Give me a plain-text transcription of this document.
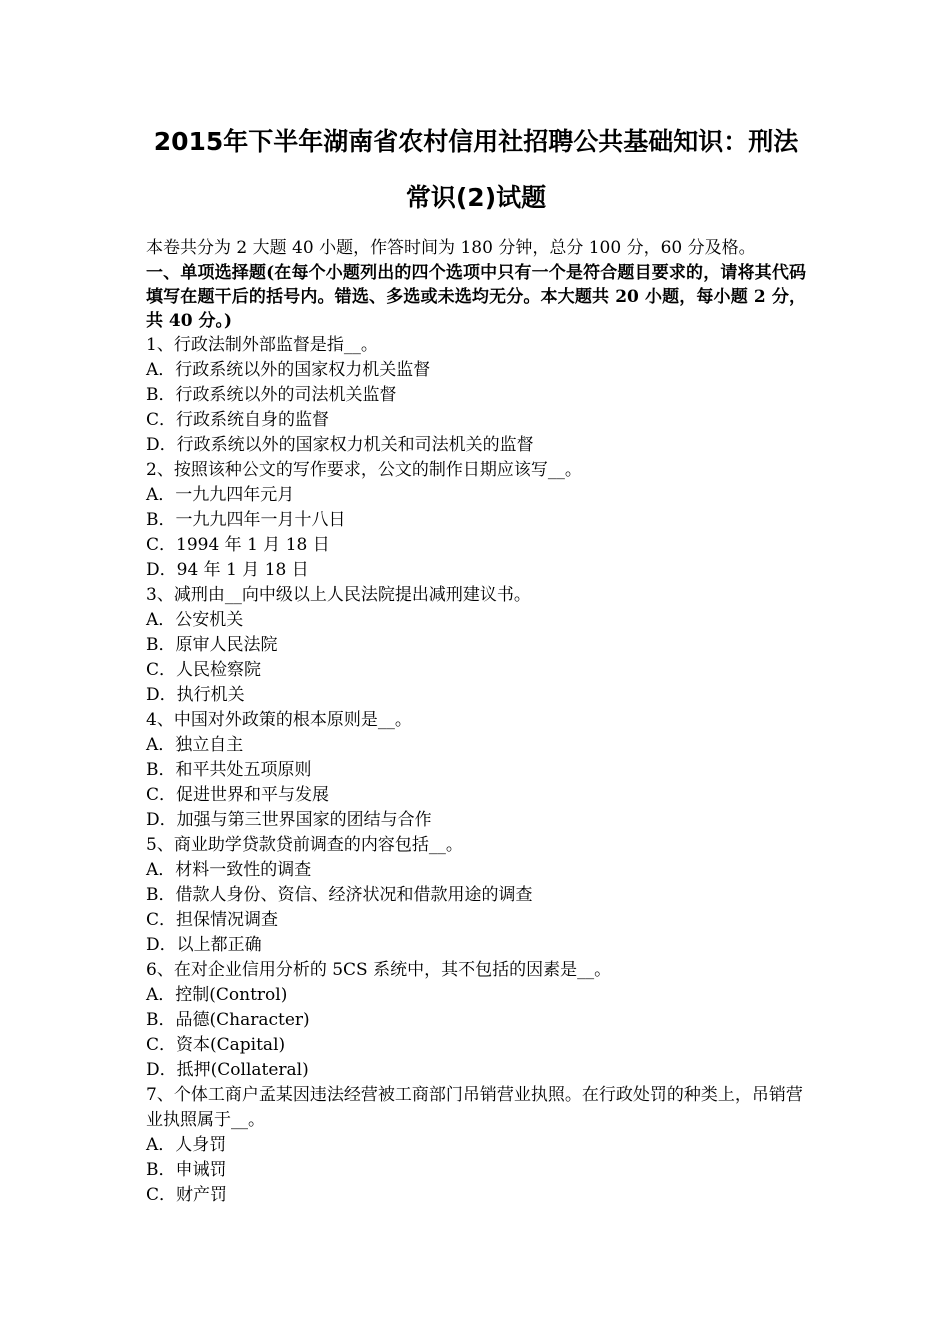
2015年下半年湖南省农村信用社招聘公共基础知识：刑法
常识(2)试题
本卷共分为 2 大题 40 小题，作答时间为 180 分钟，总分 100 分，60 分及格。
一、单项选择题(在每个小题列出的四个选项中只有一个是符合题目要求的，请将其代码填写在题干后的括号内。错选、多选或未选均无分。本大题共 20 小题，每小题 2 分，共 40 分。)
1、行政法制外部监督是指__。
A．行政系统以外的国家权力机关监督
B．行政系统以外的司法机关监督
C．行政系统自身的监督
D．行政系统以外的国家权力机关和司法机关的监督
2、按照该种公文的写作要求，公文的制作日期应该写__。
A．一九九四年元月
B．一九九四年一月十八日
C．1994 年 1 月 18 日
D．94 年 1 月 18 日
3、减刑由__向中级以上人民法院提出减刑建议书。
A．公安机关
B．原审人民法院
C．人民检察院
D．执行机关
4、中国对外政策的根本原则是__。
A．独立自主
B．和平共处五项原则
C．促进世界和平与发展
D．加强与第三世界国家的团结与合作
5、商业助学贷款贷前调查的内容包括__。
A．材料一致性的调查
B．借款人身份、资信、经济状况和借款用途的调查
C．担保情况调查
D．以上都正确
6、在对企业信用分析的 5CS 系统中，其不包括的因素是__。
A．控制(Control)
B．品德(Character)
C．资本(Capital)
D．抵押(Collateral)
7、个体工商户孟某因违法经营被工商部门吊销营业执照。在行政处罚的种类上，吊销营业执照属于__。
A．人身罚
B．申诫罚
C．财产罚
